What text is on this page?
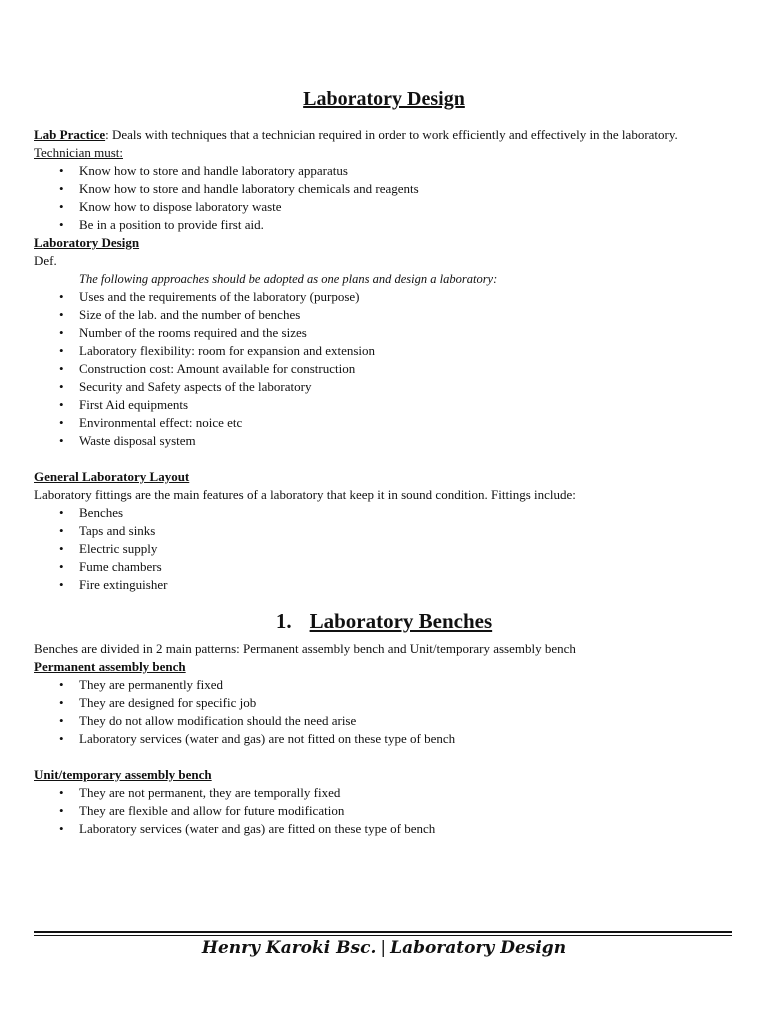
Laboratory Design

Lab Practice: Deals with techniques that a technician required in order to work efficiently and effectively in the laboratory.

Technician must:

• Know how to store and handle laboratory apparatus
• Know how to store and handle laboratory chemicals and reagents
• Know how to dispose laboratory waste
• Be in a position to provide first aid.

Laboratory Design

Def.

The following approaches should be adopted as one plans and design a laboratory:

• Uses and the requirements of the laboratory (purpose)
• Size of the lab. and the number of benches
• Number of the rooms required and the sizes
• Laboratory flexibility: room for expansion and extension
• Construction cost: Amount available for construction
• Security and Safety aspects of the laboratory
• First Aid equipments
• Environmental effect: noice etc
• Waste disposal system

General Laboratory Layout

Laboratory fittings are the main features of a laboratory that keep it in sound condition. Fittings include:

• Benches
• Taps and sinks
• Electric supply
• Fume chambers
• Fire extinguisher
1. Laboratory Benches

Benches are divided in 2 main patterns: Permanent assembly bench and Unit/temporary assembly bench

Permanent assembly bench

• They are permanently fixed
• They are designed for specific job
• They do not allow modification should the need arise
• Laboratory services (water and gas) are not fitted on these type of bench

Unit/temporary assembly bench

• They are not permanent, they are temporally fixed
• They are flexible and allow for future modification
• Laboratory services (water and gas) are fitted on these type of bench
Henry Karoki Bsc. | Laboratory Design
